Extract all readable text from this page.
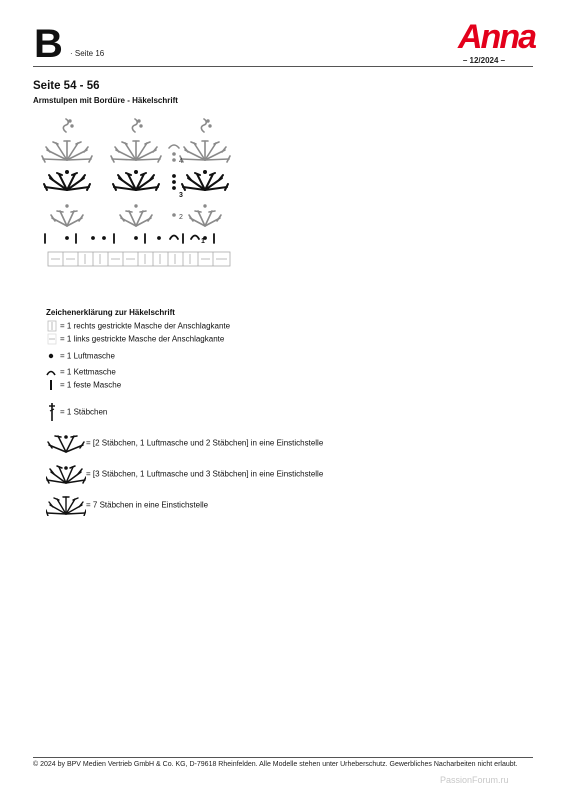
B · Seite 16	Anna
– 12/2024 –
Seite 54 - 56
Armstulpen mit Bordüre - Häkelschrift
4
3
2
1
Zeichenerklärung zur Häkelschrift
= 1 rechts gestrickte Masche der Anschlagkante
= 1 links gestrickte Masche der Anschlagkante
= 1 Luftmasche
= 1 Kettmasche
= 1 feste Masche
= 1 Stäbchen
= [2 Stäbchen, 1 Luftmasche und 2 Stäbchen] in eine Einstichstelle
= [3 Stäbchen, 1 Luftmasche und 3 Stäbchen] in eine Einstichstelle
= 7 Stäbchen in eine Einstichstelle
© 2024 by BPV Medien Vertrieb GmbH & Co. KG, D-79618 Rheinfelden. Alle Modelle stehen unter Urheberschutz. Gewerbliches Nacharbeiten nicht erlaubt.
PassionForum.ru
